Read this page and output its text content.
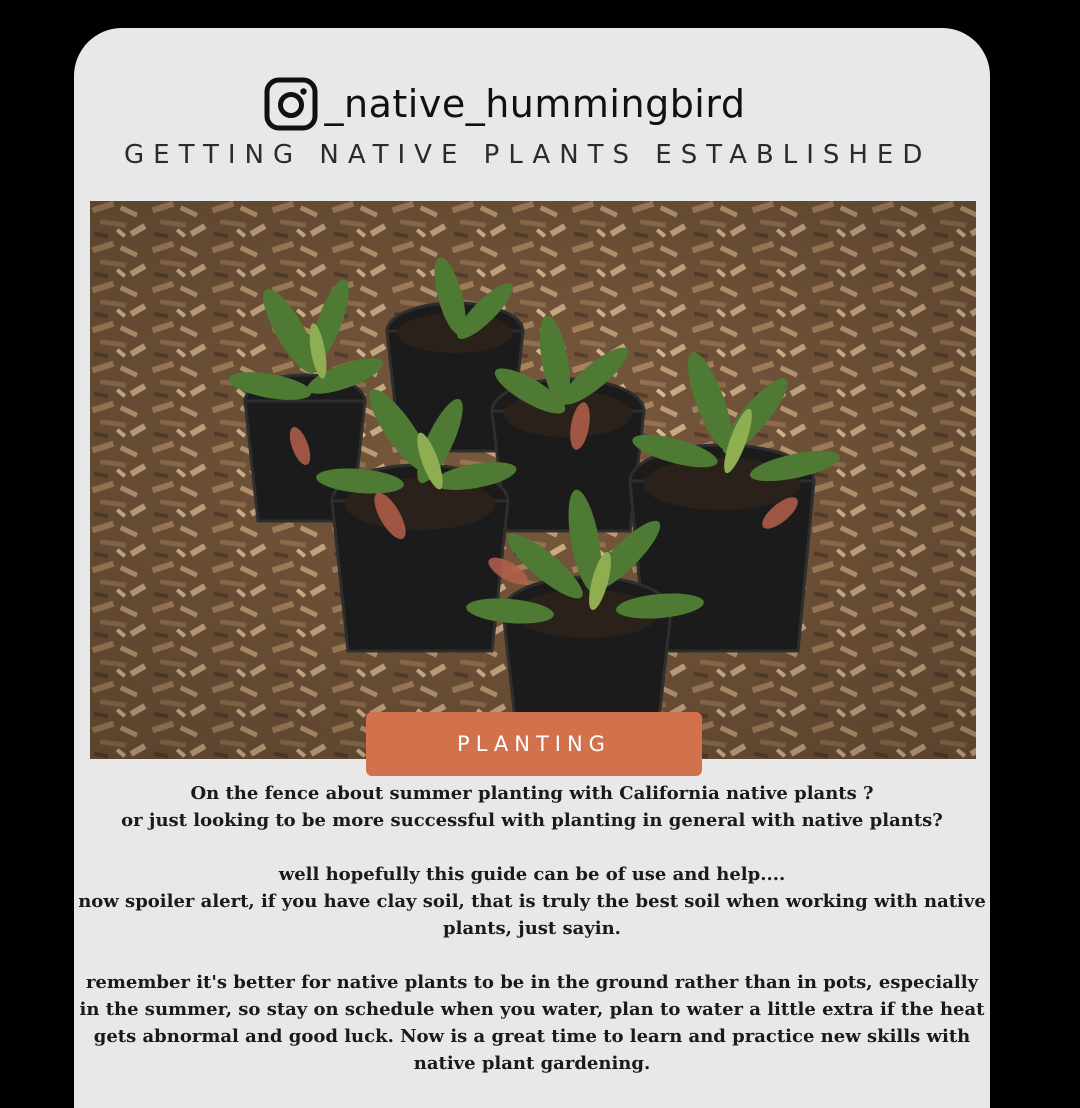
_native_hummingbird
GETTING NATIVE PLANTS ESTABLISHED
PLANTING

On the fence about summer planting with California native plants ?

or just looking to be more successful with planting in general with native plants?

well hopefully this guide can be of use and help....

now spoiler alert, if you have clay soil, that is truly the best soil when working with native plants, just sayin.

remember it's better for native plants to be in the ground rather than in pots, especially in the summer, so stay on schedule when you water, plan to water a little extra if the heat gets abnormal and good luck. Now is a great time to learn and practice new skills with native plant gardening.
